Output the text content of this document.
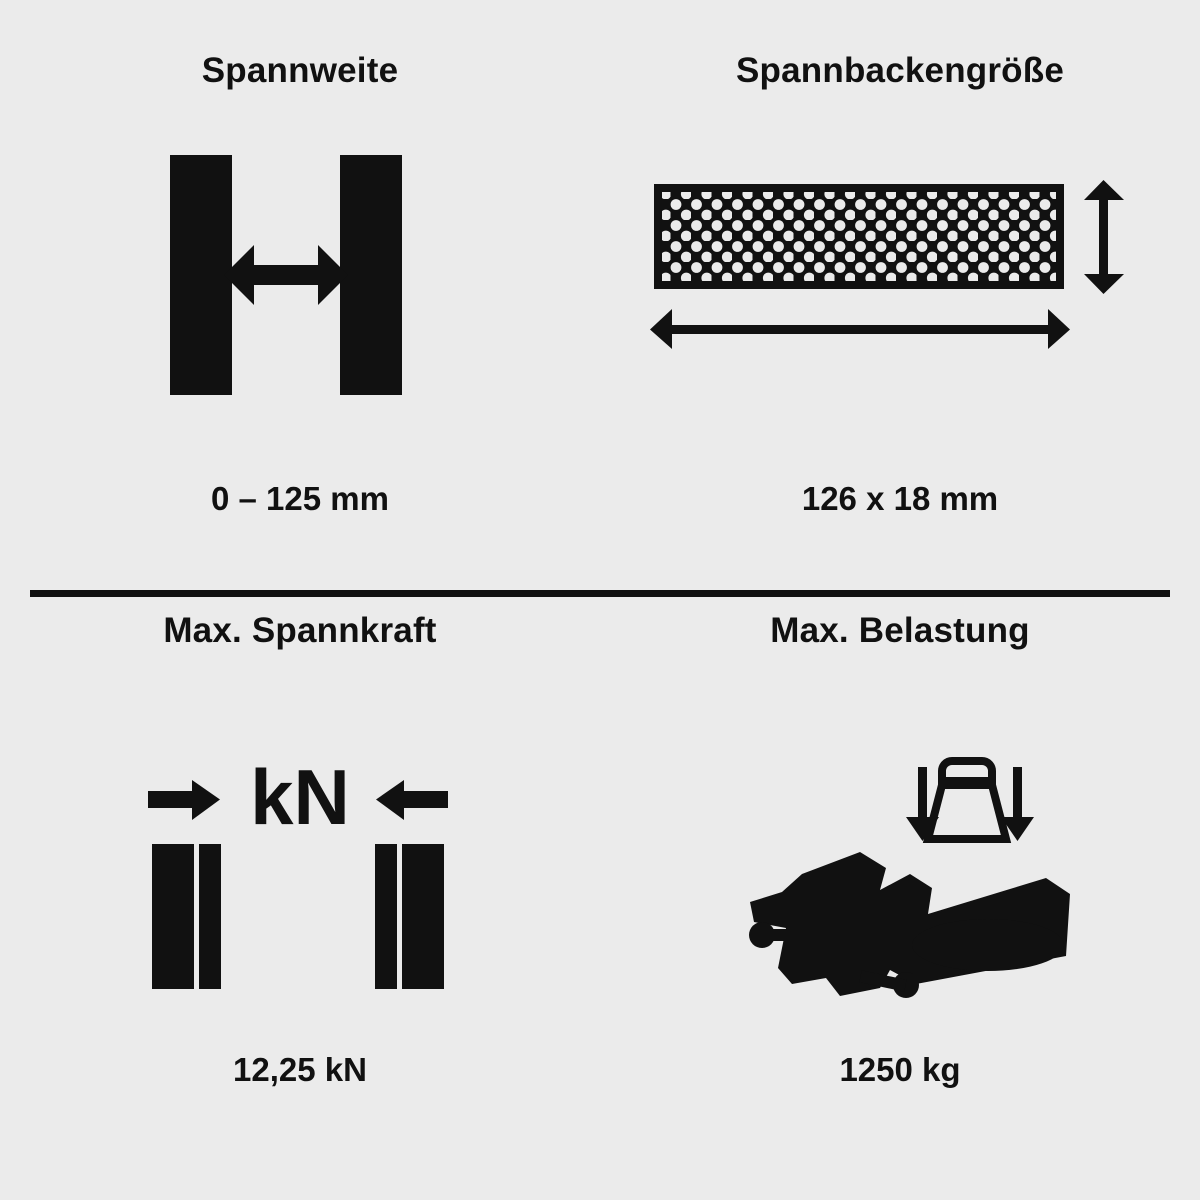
Spannweite
0 – 125 mm
Spannbackengröße
126 x 18 mm
Max. Spannkraft
kN
12,25 kN
Max. Belastung
1250 kg
